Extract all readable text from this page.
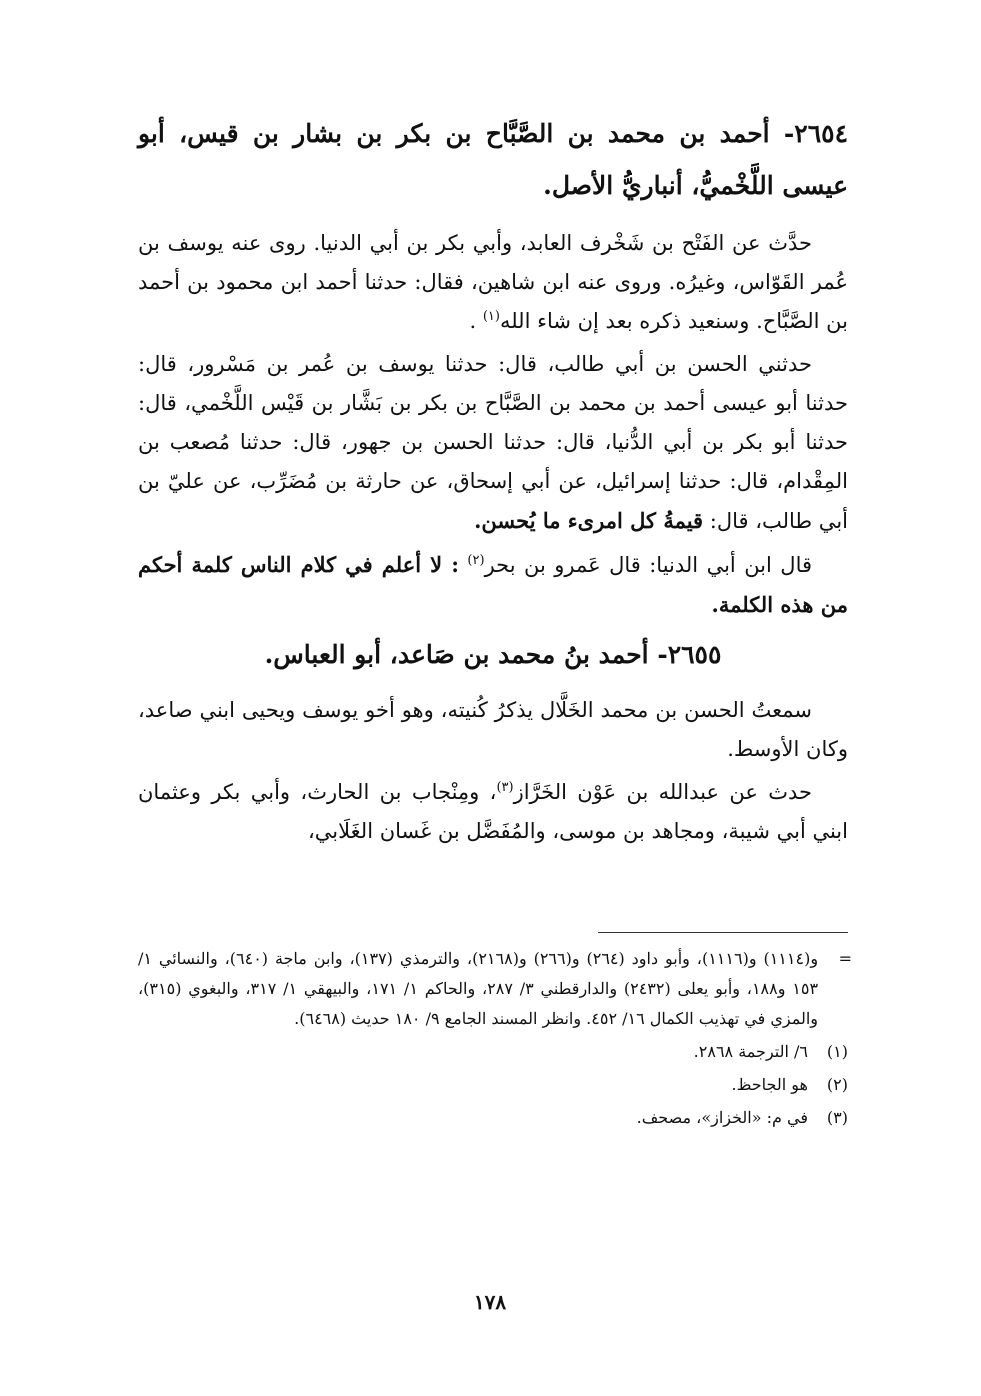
٢٦٥٤- أحمد بن محمد بن الصَّبَّاح بن بكر بن بشار بن قيس، أبو عيسى اللَّخْميُّ، أنباريُّ الأصل.

حدَّث عن الفَتْح بن شَخْرف العابد، وأبي بكر بن أبي الدنيا. روى عنه يوسف بن عُمر القَوّاس، وغيرُه. وروى عنه ابن شاهين، فقال: حدثنا أحمد ابن محمود بن أحمد بن الصَّبَّاح. وسنعيد ذكره بعد إن شاء الله$^{(١)}$ .

حدثني الحسن بن أبي طالب، قال: حدثنا يوسف بن عُمر بن مَسْرور، قال: حدثنا أبو عيسى أحمد بن محمد بن الصَّبَّاح بن بكر بن بَشَّار بن قَيْس اللَّخْمي، قال: حدثنا أبو بكر بن أبي الدُّنيا، قال: حدثنا الحسن بن جهور، قال: حدثنا مُصعب بن المِقْدام، قال: حدثنا إسرائيل، عن أبي إسحاق، عن حارثة بن مُضَرِّب، عن عليّ بن أبي طالب، قال: قيمةُ كل امرىء ما يُحسن.

قال ابن أبي الدنيا: قال عَمرو بن بحر$^{(٢)}$ : لا أعلم في كلام الناس كلمة أحكم من هذه الكلمة.

٢٦٥٥- أحمد بنُ محمد بن صَاعد، أبو العباس.

سمعتُ الحسن بن محمد الخَلَّال يذكرُ كُنيته، وهو أخو يوسف ويحيى ابني صاعد، وكان الأوسط.

حدث عن عبدالله بن عَوْن الخَرَّاز$^{(٣)}$، ومِنْجاب بن الحارث، وأبي بكر وعثمان ابني أبي شيبة، ومجاهد بن موسى، والمُفَضَّل بن غَسان الغَلَابي،

=
و(١١١٤) و(١١١٦)، وأبو داود (٢٦٤) و(٢٦٦) و(٢١٦٨)، والترمذي (١٣٧)، وابن ماجة (٦٤٠)، والنسائي ١/ ١٥٣ و١٨٨، وأبو يعلى (٢٤٣٢) والدارقطني ٣/ ٢٨٧، والحاكم ١/ ١٧١، والبيهقي ١/ ٣١٧، والبغوي (٣١٥)، والمزي في تهذيب الكمال ١٦/ ٤٥٢. وانظر المسند الجامع ٩/ ١٨٠ حديث (٦٤٦٨).

(١)
٦/ الترجمة ٢٨٦٨.
(٢)
هو الجاحظ.
(٣)
في م: «الخزاز»، مصحف.
١٧٨
